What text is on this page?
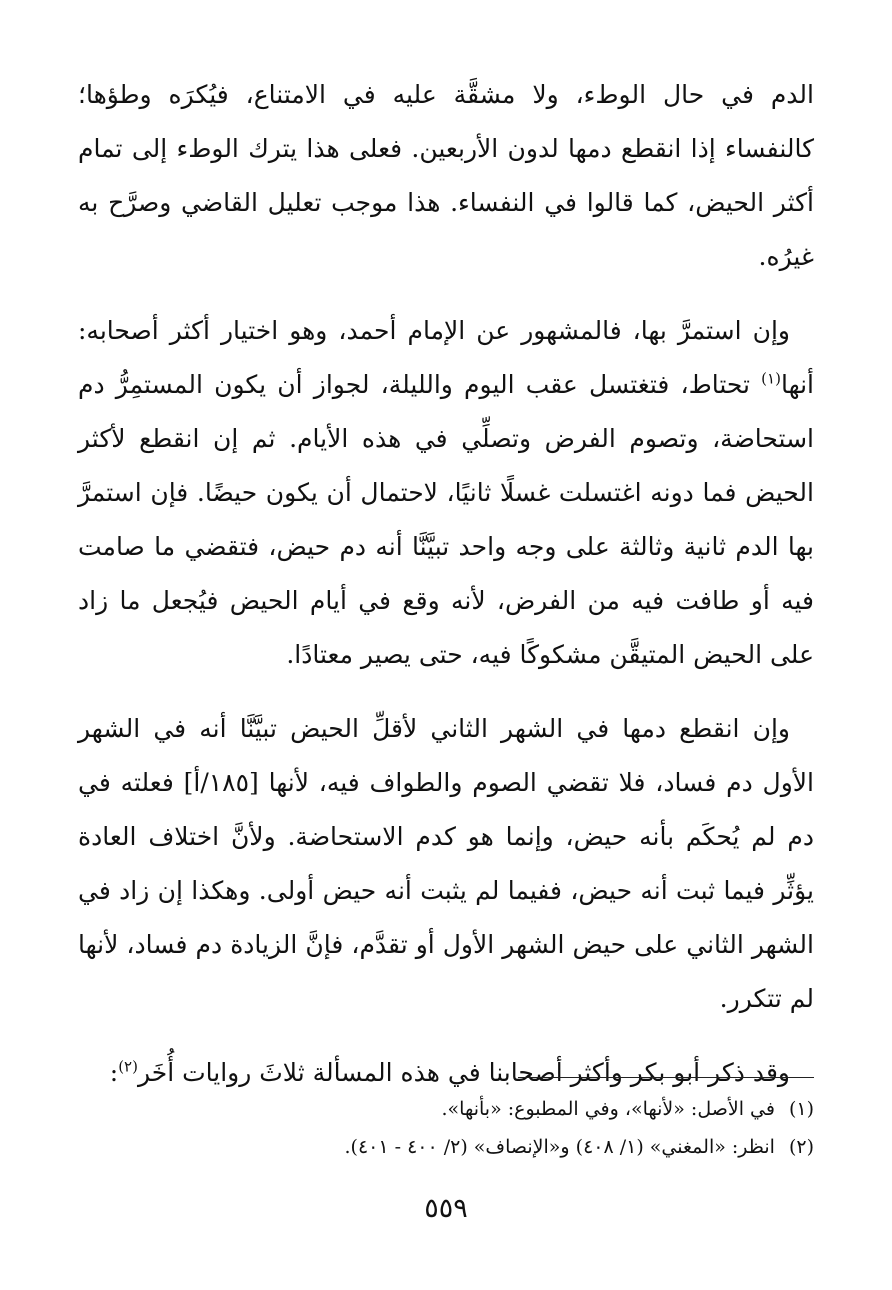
الدم في حال الوطء، ولا مشقَّة عليه في الامتناع، فيُكرَه وطؤها؛ كالنفساء إذا انقطع دمها لدون الأربعين. فعلى هذا يترك الوطء إلى تمام أكثر الحيض، كما قالوا في النفساء. هذا موجب تعليل القاضي وصرَّح به غيرُه.

وإن استمرَّ بها، فالمشهور عن الإمام أحمد، وهو اختيار أكثر أصحابه: أنها$^{(١)}$ تحتاط، فتغتسل عقب اليوم والليلة، لجواز أن يكون المستمِرُّ دم استحاضة، وتصوم الفرض وتصلِّي في هذه الأيام. ثم إن انقطع لأكثر الحيض فما دونه اغتسلت غسلًا ثانيًا، لاحتمال أن يكون حيضًا. فإن استمرَّ بها الدم ثانية وثالثة على وجه واحد تبيَّنَّا أنه دم حيض، فتقضي ما صامت فيه أو طافت فيه من الفرض، لأنه وقع في أيام الحيض فيُجعل ما زاد على الحيض المتيقَّن مشكوكًا فيه، حتى يصير معتادًا.

وإن انقطع دمها في الشهر الثاني لأقلِّ الحيض تبيَّنَّا أنه في الشهر الأول دم فساد، فلا تقضي الصوم والطواف فيه، لأنها [١٨٥/أ] فعلته في دم لم يُحكَم بأنه حيض، وإنما هو كدم الاستحاضة. ولأنَّ اختلاف العادة يؤثِّر فيما ثبت أنه حيض، ففيما لم يثبت أنه حيض أولى. وهكذا إن زاد في الشهر الثاني على حيض الشهر الأول أو تقدَّم، فإنَّ الزيادة دم فساد، لأنها لم تتكرر.

وقد ذكر أبو بكر وأكثر أصحابنا في هذه المسألة ثلاثَ روايات أُخَر$^{(٢)}$:

(١)في الأصل: «لأنها»، وفي المطبوع: «بأنها».
(٢)انظر: «المغني» (١/ ٤٠٨) و«الإنصاف» (٢/ ٤٠٠ - ٤٠١).
٥٥٩
